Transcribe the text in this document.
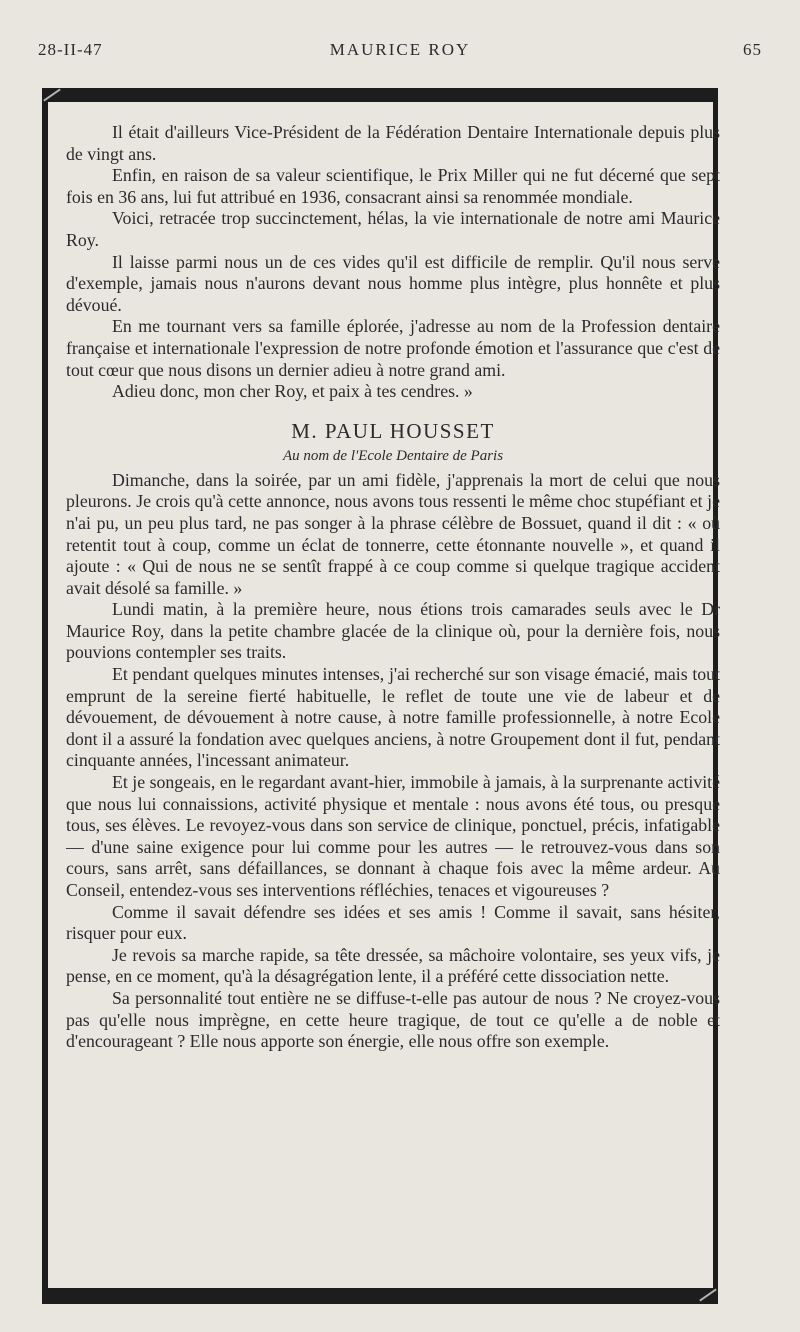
28-II-47	MAURICE ROY	65

Il était d'ailleurs Vice-Président de la Fédération Dentaire Internationale depuis plus de vingt ans.

Enfin, en raison de sa valeur scientifique, le Prix Miller qui ne fut décerné que sept fois en 36 ans, lui fut attribué en 1936, consacrant ainsi sa renommée mondiale.

Voici, retracée trop succinctement, hélas, la vie internationale de notre ami Maurice Roy.

Il laisse parmi nous un de ces vides qu'il est difficile de remplir. Qu'il nous serve d'exemple, jamais nous n'aurons devant nous homme plus intègre, plus honnête et plus dévoué.

En me tournant vers sa famille éplorée, j'adresse au nom de la Profession dentaire française et internationale l'expression de notre profonde émotion et l'assurance que c'est de tout cœur que nous disons un dernier adieu à notre grand ami.

Adieu donc, mon cher Roy, et paix à tes cendres. »

M. PAUL HOUSSET
Au nom de l'Ecole Dentaire de Paris

Dimanche, dans la soirée, par un ami fidèle, j'apprenais la mort de celui que nous pleurons. Je crois qu'à cette annonce, nous avons tous ressenti le même choc stupéfiant et je n'ai pu, un peu plus tard, ne pas songer à la phrase célèbre de Bossuet, quand il dit : « où retentit tout à coup, comme un éclat de tonnerre, cette étonnante nouvelle », et quand il ajoute : « Qui de nous ne se sentît frappé à ce coup comme si quelque tragique accident avait désolé sa famille. »

Lundi matin, à la première heure, nous étions trois camarades seuls avec le Dr Maurice Roy, dans la petite chambre glacée de la clinique où, pour la dernière fois, nous pouvions contempler ses traits.

Et pendant quelques minutes intenses, j'ai recherché sur son visage émacié, mais tout emprunt de la sereine fierté habituelle, le reflet de toute une vie de labeur et de dévouement, de dévouement à notre cause, à notre famille professionnelle, à notre Ecole dont il a assuré la fondation avec quelques anciens, à notre Groupement dont il fut, pendant cinquante années, l'incessant animateur.

Et je songeais, en le regardant avant-hier, immobile à jamais, à la surprenante activité que nous lui connaissions, activité physique et mentale : nous avons été tous, ou presque tous, ses élèves. Le revoyez-vous dans son service de clinique, ponctuel, précis, infatigable — d'une saine exigence pour lui comme pour les autres — le retrouvez-vous dans son cours, sans arrêt, sans défaillances, se donnant à chaque fois avec la même ardeur. Au Conseil, entendez-vous ses interventions réfléchies, tenaces et vigoureuses ?

Comme il savait défendre ses idées et ses amis ! Comme il savait, sans hésiter, risquer pour eux.

Je revois sa marche rapide, sa tête dressée, sa mâchoire volontaire, ses yeux vifs, je pense, en ce moment, qu'à la désagrégation lente, il a préféré cette dissociation nette.

Sa personnalité tout entière ne se diffuse-t-elle pas autour de nous ? Ne croyez-vous pas qu'elle nous imprègne, en cette heure tragique, de tout ce qu'elle a de noble et d'encourageant ? Elle nous apporte son énergie, elle nous offre son exemple.
